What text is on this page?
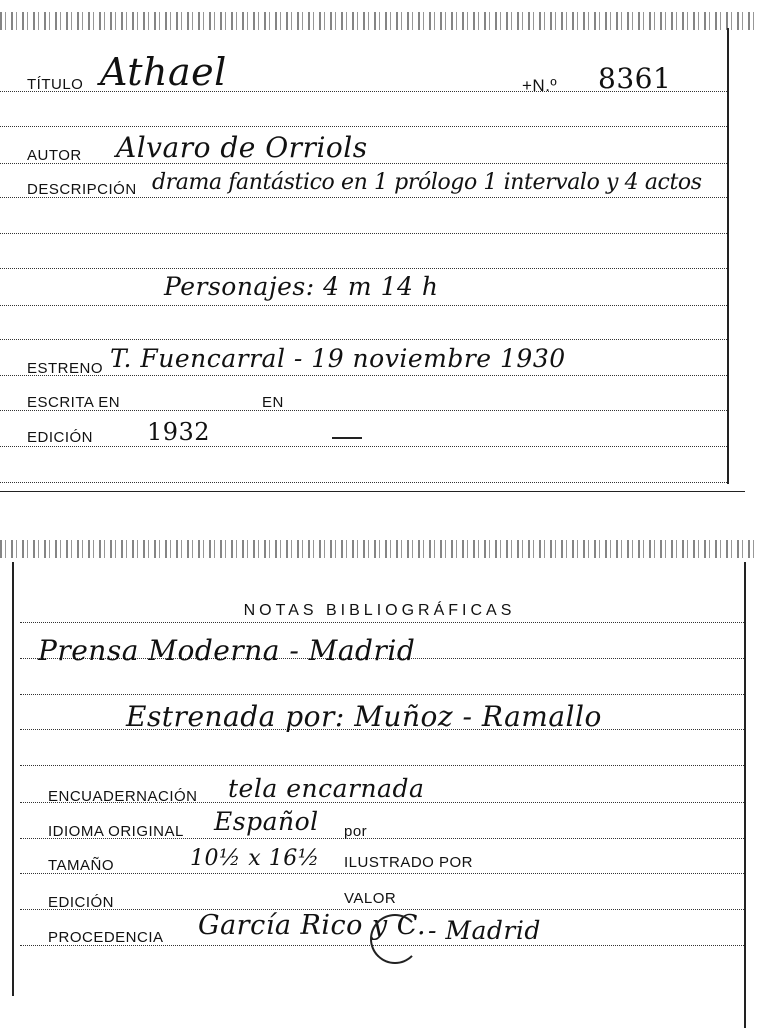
TÍTULO Athael	+N.º 8361
AUTOR Alvaro de Orriols
DESCRIPCIÓN drama fantástico en 1 prólogo 1 intervalo y 4 actos
Personajes: 4 m 14 h
ESTRENO T. Fuencarral - 19 noviembre 1930
ESCRITA EN	EN
EDICIÓN 1932
NOTAS BIBLIOGRÁFICAS
Prensa Moderna - Madrid
Estrenada por: Muñoz - Ramallo
ENCUADERNACIÓN tela encarnada
IDIOMA ORIGINAL Español por
TAMAÑO	10½ x 16½ ILUSTRADO POR
EDICIÓN	VALOR
PROCEDENCIA García Rico y C. - Madrid
